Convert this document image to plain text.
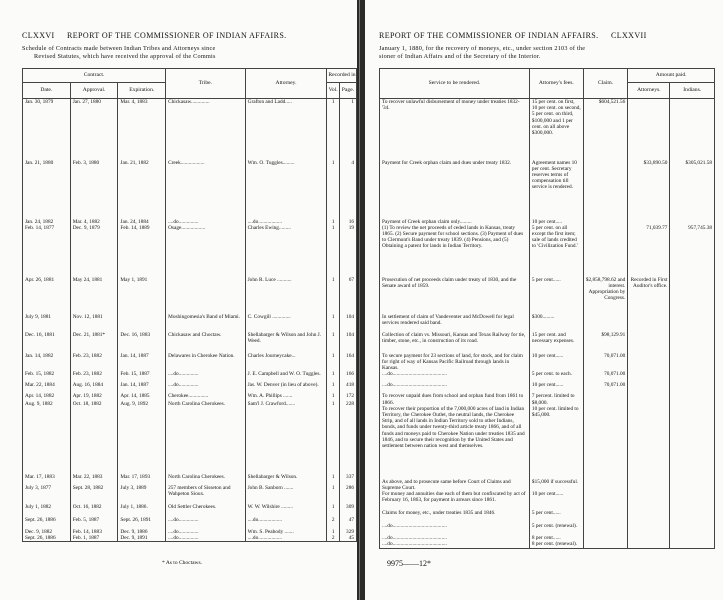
CLXXVI REPORT OF THE COMMISSIONER OF INDIAN AFFAIRS.
Schedule of Contracts made between Indian Tribes and Attorneys since
Revised Statutes, which have received the approval of the Commis
Contract.			Tribe.	Attorney.	Recorded in	
Date.	Approval.	Expiration.			Vol.	Page.
Jan. 30, 1879	Jan. 27, 1880	Mar. 4, 1883	Chickasaw..............	Grafton and Ladd.....	1	1
Jan. 21, 1880	Feb. 3, 1880	Jan. 21, 1882	Creek..................	Wm. O. Tuggles.........	1	4
Jan. 24, 1882	Mar. 4, 1882	Jan. 24, 1884	....do...............	....do..................	1	16
Feb. 14, 1877	Dec. 9, 1879	Feb. 14, 1889	Osage..................	Charles Ewing.........	1	19
Apr. 26, 1881	May 24, 1881	May 1, 1891		John R. Luce ...........	1	67
July 9, 1881	Nov. 12, 1881		Moshingomesia's Band of Miami.	C. Cowgill ..............	1	104
Dec. 16, 1881	Dec. 21, 1881*	Dec. 16, 1883	Chickasaw and Choctaw.	Shellabarger & Wilson and John J. Weed.	1	104
Jan. 14, 1882	Feb. 23, 1882	Jan. 14, 1887	Delawares in Cherokee Nation.	Charles Journeycake...	1	164
Feb. 15, 1882	Feb. 23, 1882	Feb. 15, 1887	....do...............	J. E. Campbell and W. O. Tuggles.	1	166
Mar. 22, 1884	Aug. 16, 1884	Jan. 14, 1887	....do...............	Jas. W. Denver (in lieu of above).	1	418
Apr. 14, 1882	Apr. 19, 1882	Apr. 14, 1885	Cherokee...............	Wm. A. Phillips .......	1	172
Aug. 9, 1882	Oct. 18, 1882	Aug. 9, 1892	North Carolina Cherokees.	Sam'l J. Crawford.......	1	228
Mar. 17, 1883	Mar. 22, 1883	Mar. 17, 1893	North Carolina Cherokees.	Shellabarger & Wilson.	1	337
July 3, 1877	Sept. 28, 1882	July 3, 1889	257 members of Sisseton and Wahpeton Sioux.	John B. Sanborn .......	1	286
July 1, 1882	Oct. 16, 1882	July 1, 1886.	Old Settler Cherokees.	W. W. Wilshire .........	1	309
Sept. 26, 1886	Feb. 5, 1887	Sept. 26, 1891	....do...............	....do..................	2	47
Dec. 9, 1882	Feb. 14, 1883	Dec. 9, 1886	....do...............	Wm. S. Peabody .......	1	329
Sept. 26, 1886	Feb. 1, 1887	Dec. 9, 1891	....do...............	....do..................	2	45
* As to Choctaws.
REPORT OF THE COMMISSIONER OF INDIAN AFFAIRS. CLXXVII
January 1, 1880, for the recovery of moneys, etc., under section 2103 of the
sioner of Indian Affairs and of the Secretary of the Interior.
Service to be rendered.	Attorney's fees.	Claim.	Amount paid.	
			Attorneys.	Indians.
To recover unlawful disbursement of money under treaties 1832-'34.	15 per cent. on first, 10 per cent. on second, 5 per cent. on third, $100,000 and 1 per cent. on all above $300,000.	$604,521.56		
Payment for Creek orphan claim and dues under treaty 1832.	Agreement names 10 per cent. Secretary reserves terms of compensation till service is rendered.		$33,890.50	$305,021.58
Payment of Creek orphan claim only.........	10 per cent.....			
(1) To review the net proceeds of ceded lands in Kansas, treaty 1865. (2) Secure payment for school sections. (3) Payment of dues to Clermont's Band under treaty 1839. (4) Pensions, and (5) Obtaining a patent for lands in Indian Territory.	5 per cent. on all except the first item; sale of lands credited to 'Civilization Fund.'		71,039.77	957,745.38
Prosecution of net proceeds claim under treaty of 1830, and the Senate award of 1859.	5 per cent......	$2,858,798.62 and interest. Appropriation by Congress.	Recorded in First Auditor's office.	
In settlement of claim of Vandeventer and McDowell for legal services rendered said band.	$300.........			
Collection of claim vs. Missouri, Kansas and Texas Railway for tie, timber, stone, etc., in construction of its road.	15 per cent. and necessary expenses.	$98,129.91		
To secure payment for 23 sections of land, for stock, and for claim for right of way of Kansas Pacific Railroad through lands in Kansas.	10 per cent......	70,071.00		
....do.........................................	5 per cent. to each.	70,071.00		
....do.........................................	10 per cent......	70,071.00		
To recover unpaid dues from school and orphan fund from 1861 to 1866.	7 percent. limited to $8,000.			
To recover their proportion of the 7,000,000 acres of land in Indian Territory, the Cherokee Outlet, the neutral lands, the Cherokee Strip, and of all lands in Indian Territory sold to other Indians, bonds, and funds under twenty-third article treaty 1866, and of all funds and moneys paid to Cherokee Nation under treaties 1835 and 1846, and to secure their recognition by the United States and settlement between nation west and themselves.	10 per cent. limited to $45,000.			
As above, and to prosecute same before Court of Claims and Supreme Court.	$15,000 if successful.			
For money and annuities due each of them but confiscated by act of February 16, 1863, for payment in arrears since 1861.	10 per cent......			
Claims for money, etc., under treaties 1835 and 1846.	5 per cent......			
....do.........................................	5 per cent. (renewal).			
....do.........................................	8 per cent......			
....do.........................................	8 per cent. (renewal).			
9975——12*
